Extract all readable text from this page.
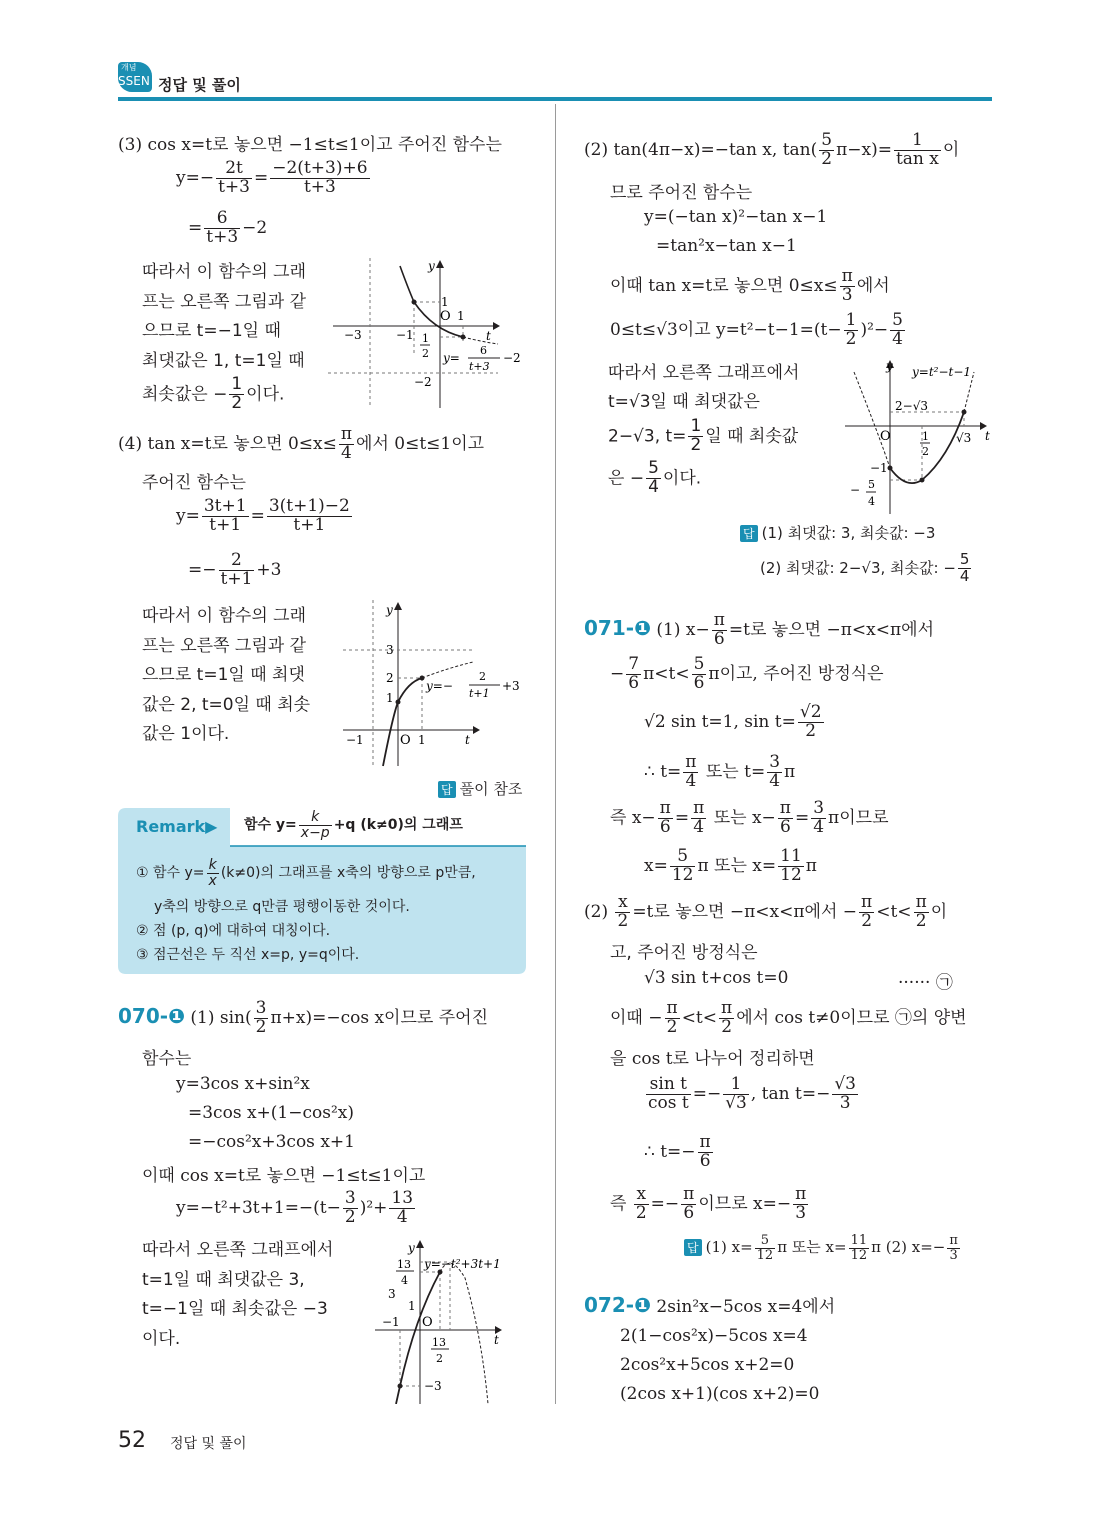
개념
SSEN 정답 및 풀이
(3) cos x=t로 놓으면 −1≤t≤1이고 주어진 함수는
$y=- \frac{2t}{t+3} = \frac{-2(t+3)+6}{t+3}$
= $\frac{6}{t+3} -2$
따라서 이 함수의 그래
프는 오른쪽 그림과 같
으므로 t=−1일 때
최댓값은 1, t=1일 때
최솟값은 − $\frac{1}{2}$ 이다.
y
t
O
1
1
−3	−1 1
2
−2
y=
6
t+3
−2
(4) tan x=t로 놓으면 $0\le x\le \frac{\pi}{4}$ 에서 0≤t≤1이고
주어진 함수는
$y= \frac{3t+1}{t+1} = \frac{3(t+1)-2}{t+1}$
=− $\frac{2}{t+1} +3$
따라서 이 함수의 그래
프는 오른쪽 그림과 같
으므로 t=1일 때 최댓
값은 2, t=0일 때 최솟
값은 1이다.
y
t
O 1
3
2
1
−1
y=−
2
t+1
+3
답 풀이 참조
Remark▶ 함수 $y= \frac{k}{x-p} +q$ (k≠0)의 그래프
① 함수 $y= \frac{k}{x} (k\ne 0)$의 그래프를 x축의 방향으로 p만큼,
y축의 방향으로 q만큼 평행이동한 것이다.
② 점 (p, q)에 대하여 대칭이다.
③ 점근선은 두 직선 x=p, y=q이다.
070-❶ (1) $\sin( \frac{3}{2} \pi+x)=-\cos$ x이므로 주어진
함수는
y=3cos x+sin²x
=3cos x+(1−cos²x)
=−cos²x+3cos x+1
이때 cos x=t로 놓으면 −1≤t≤1이고
$y=-t^2+3t+1=-(t- \frac{3}{2} )^2+ \frac{13}{4}$
따라서 오른쪽 그래프에서
t=1일 때 최댓값은 3,
t=−1일 때 최솟값은 −3
이다.
y
t
O
y=−t²+3t+1
13
4
3
1
−1
13
2
−3
52 정답 및 풀이
(2) tan(4π−x)=−tan x, $\tan( \frac{5}{2} \pi-x)= \frac{1}{\text{tan x}}$ 이
므로 주어진 함수는
y=(−tan x)²−tan x−1
=tan²x−tan x−1
이때 tan x=t로 놓으면 $0\le x\le \frac{\pi}{3}$ 에서
0≤t≤√3이고 $y=t^2-t-1=(t- \frac{1}{2} )^2- \frac{5}{4}$
따라서 오른쪽 그래프에서
t=√3일 때 최댓값은
2−√3, $t= \frac{1}{2}$ 일 때 최솟값
은 − $\frac{5}{4}$ 이다.
y
t
O
y=t²−t−1
2−√3
1
2
√3
−1
− 5
4
답 (1) 최댓값: 3, 최솟값: −3
(2) 최댓값: 2−√3, 최솟값: − $\frac{5}{4}$
071-❶ (1) $x- \frac{\pi}{6} =t$로 놓으면 −π<x<π에서
− $\frac{7}{6} \pi<t< \frac{5}{6}$ π이고, 주어진 방정식은
√2 sin t=1, $\sin t= \frac{√2}{2}$
∴ $t= \frac{\pi}{4}$ 또는 $t= \frac{3}{4}$ π
즉 $x- \frac{\pi}{6} = \frac{\pi}{4}$ 또는 $x- \frac{\pi}{6} = \frac{3}{4}$ π이므로
$x= \frac{5}{12}$ π 또는 $x= \frac{11}{12}$ π
$(2) \frac{x}{2} =t$로 놓으면 −π<x<π에서 − $\frac{\pi}{2} <t< \frac{\pi}{2}$ 이
고, 주어진 방정식은
√3 sin t+cos t=0	······ ㉠
이때 − $\frac{\pi}{2} <t< \frac{\pi}{2}$ 에서 cos t≠0이므로 ㉠의 양변
을 cos t로 나누어 정리하면
$\frac{\text{sin t}}{\text{cos t}} =- \frac{1}{√3}$ , $\tan t=- \frac{√3}{3}$
∴ $t=- \frac{\pi}{6}$
즉 $\frac{x}{2} =- \frac{\pi}{6}$ 이므로 $x=- \frac{\pi}{3}$
답 (1) $x= \frac{5}{12}$ π 또는 $x= \frac{11}{12}$ π (2) $x=- \frac{\pi}{3}$
072-❶ 2sin²x−5cos x=4에서
2(1−cos²x)−5cos x=4
2cos²x+5cos x+2=0
(2cos x+1)(cos x+2)=0
